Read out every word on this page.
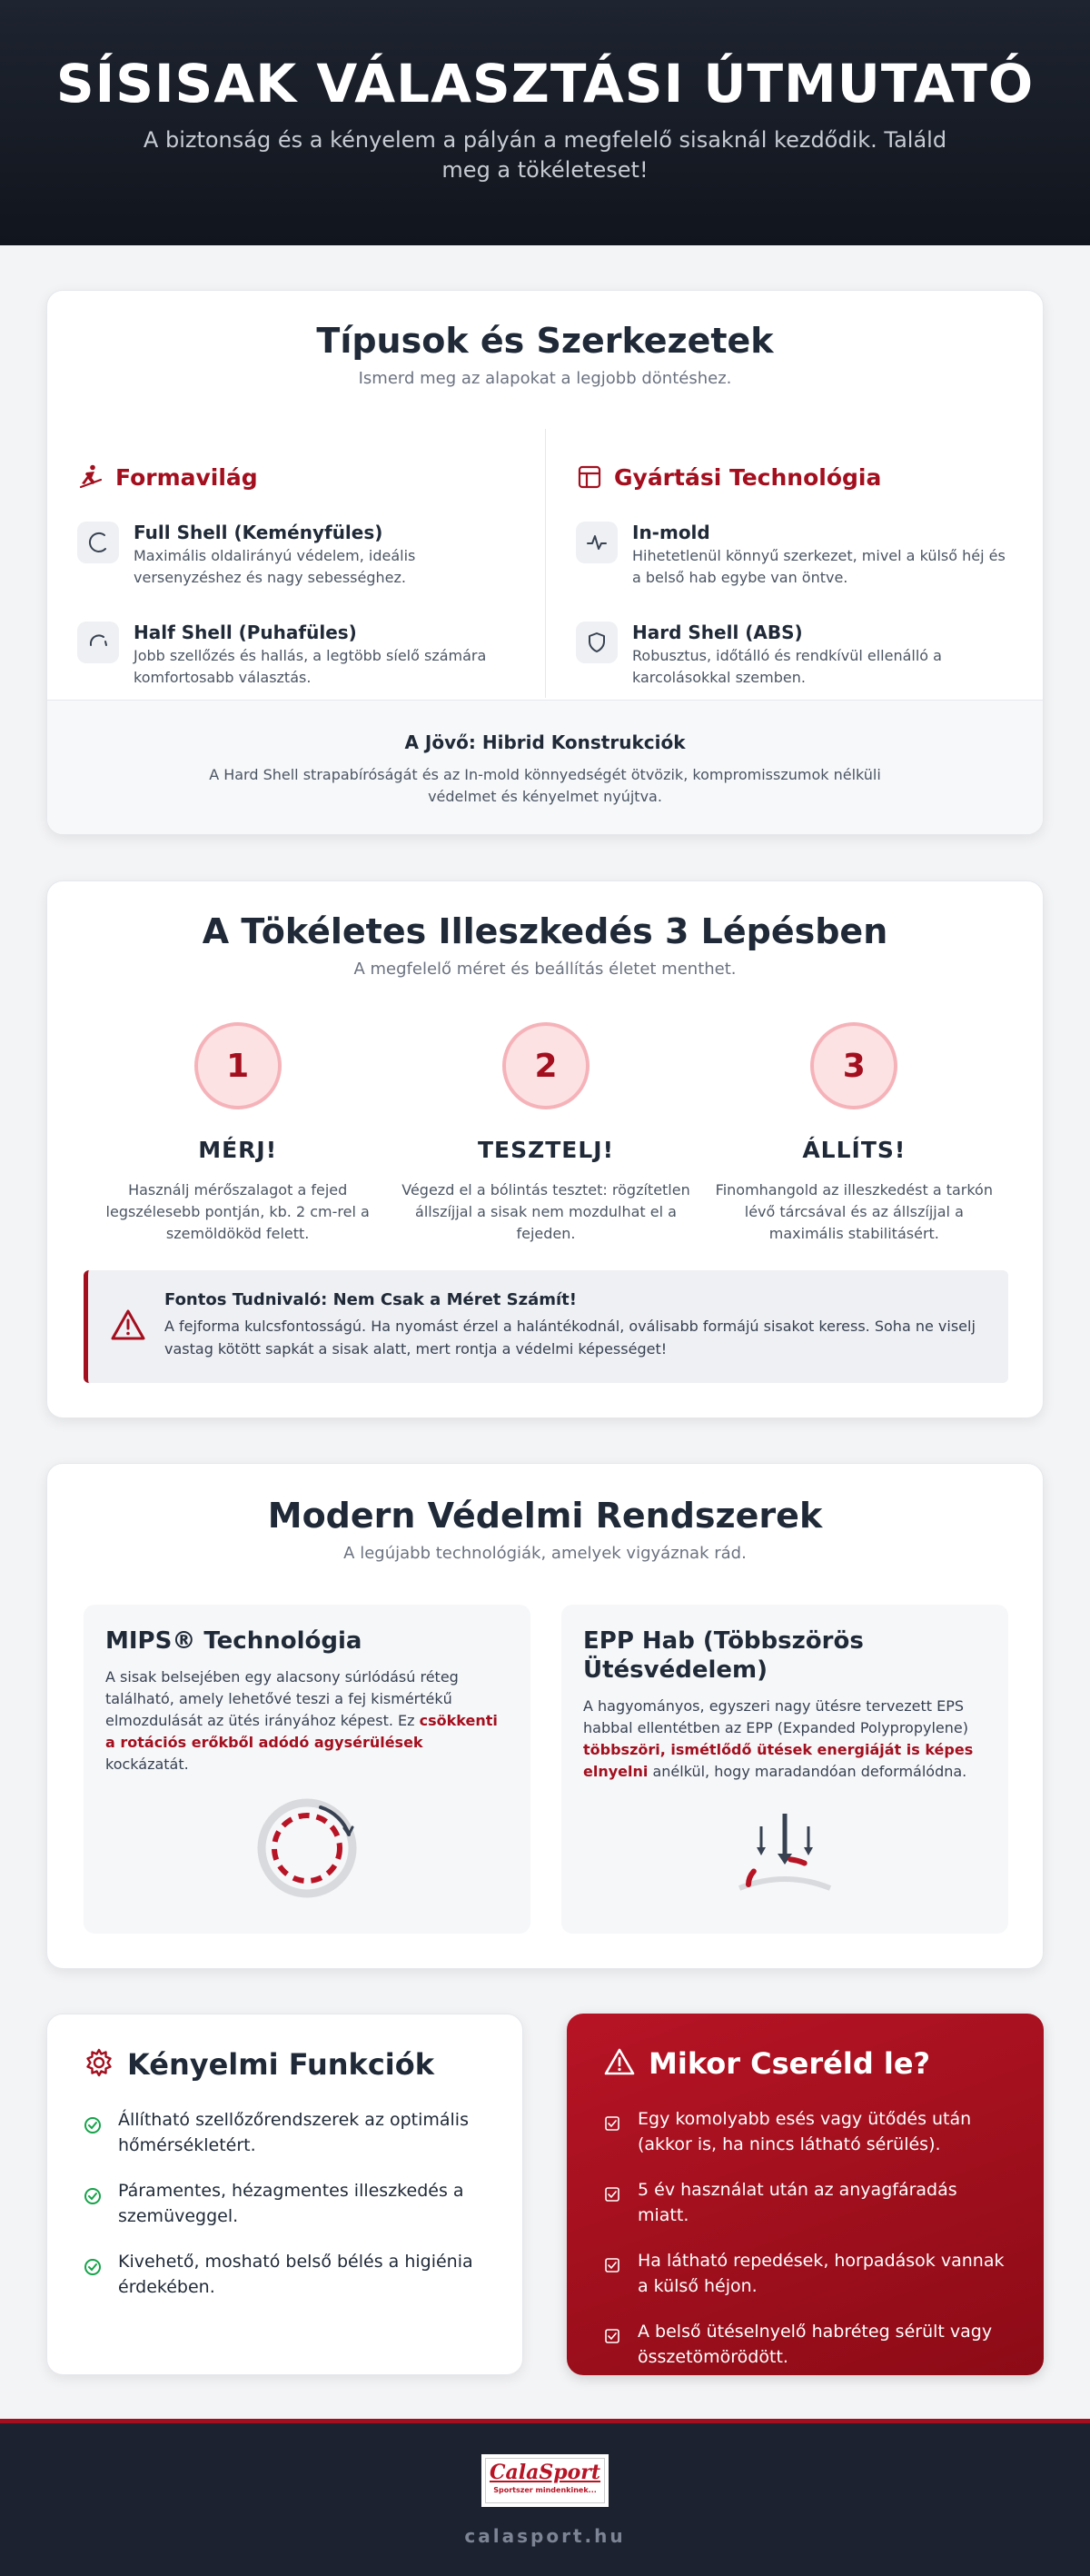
SÍSISAK VÁLASZTÁSI ÚTMUTATÓ

A biztonság és a kényelem a pályán a megfelelő sisaknál kezdődik. Találd meg a tökéleteset!

Típusok és Szerkezetek
Ismerd meg az alapokat a legjobb döntéshez.
Formavilág
Full Shell (Keményfüles)
Maximális oldalirányú védelem, ideális versenyzéshez és nagy sebességhez.
Half Shell (Puhafüles)
Jobb szellőzés és hallás, a legtöbb síelő számára komfortosabb választás.
Gyártási Technológia
In-mold
Hihetetlenül könnyű szerkezet, mivel a külső héj és a belső hab egybe van öntve.
Hard Shell (ABS)
Robusztus, időtálló és rendkívül ellenálló a karcolásokkal szemben.
A Jövő: Hibrid Konstrukciók

A Hard Shell strapabíróságát és az In-mold könnyedségét ötvözik, kompromisszumok nélküli védelmet és kényelmet nyújtva.

A Tökéletes Illeszkedés 3 Lépésben
A megfelelő méret és beállítás életet menthet.
1
MÉRJ!

Használj mérőszalagot a fejed legszélesebb pontján, kb. 2 cm-rel a szemöldököd felett.

2
TESZTELJ!

Végezd el a bólintás tesztet: rögzítetlen állszíjjal a sisak nem mozdulhat el a fejeden.

3
ÁLLÍTS!

Finomhangold az illeszkedést a tarkón lévő tárcsával és az állszíjjal a maximális stabilitásért.

Fontos Tudnivaló: Nem Csak a Méret Számít!

A fejforma kulcsfontosságú. Ha nyomást érzel a halántékodnál, oválisabb formájú sisakot keress. Soha ne viselj vastag kötött sapkát a sisak alatt, mert rontja a védelmi képességet!

Modern Védelmi Rendszerek
A legújabb technológiák, amelyek vigyáznak rád.
MIPS® Technológia

A sisak belsejében egy alacsony súrlódású réteg található, amely lehetővé teszi a fej kismértékű elmozdulását az ütés irányához képest. Ez csökkenti a rotációs erőkből adódó agysérülések kockázatát.

EPP Hab (Többszörös Ütésvédelem)

A hagyományos, egyszeri nagy ütésre tervezett EPS habbal ellentétben az EPP (Expanded Polypropylene) többszöri, ismétlődő ütések energiáját is képes elnyelni anélkül, hogy maradandóan deformálódna.

Kényelmi Funkciók
Állítható szellőzőrendszerek az optimális hőmérsékletért.
Páramentes, hézagmentes illeszkedés a szemüveggel.
Kivehető, mosható belső bélés a higiénia érdekében.
Mikor Cseréld le?
Egy komolyabb esés vagy ütődés után (akkor is, ha nincs látható sérülés).
5 év használat után az anyagfáradás miatt.
Ha látható repedések, horpadások vannak a külső héjon.
A belső ütéselnyelő habréteg sérült vagy összetömörödött.
CalaSport
Sportszer mindenkinek...
calasport.hu
